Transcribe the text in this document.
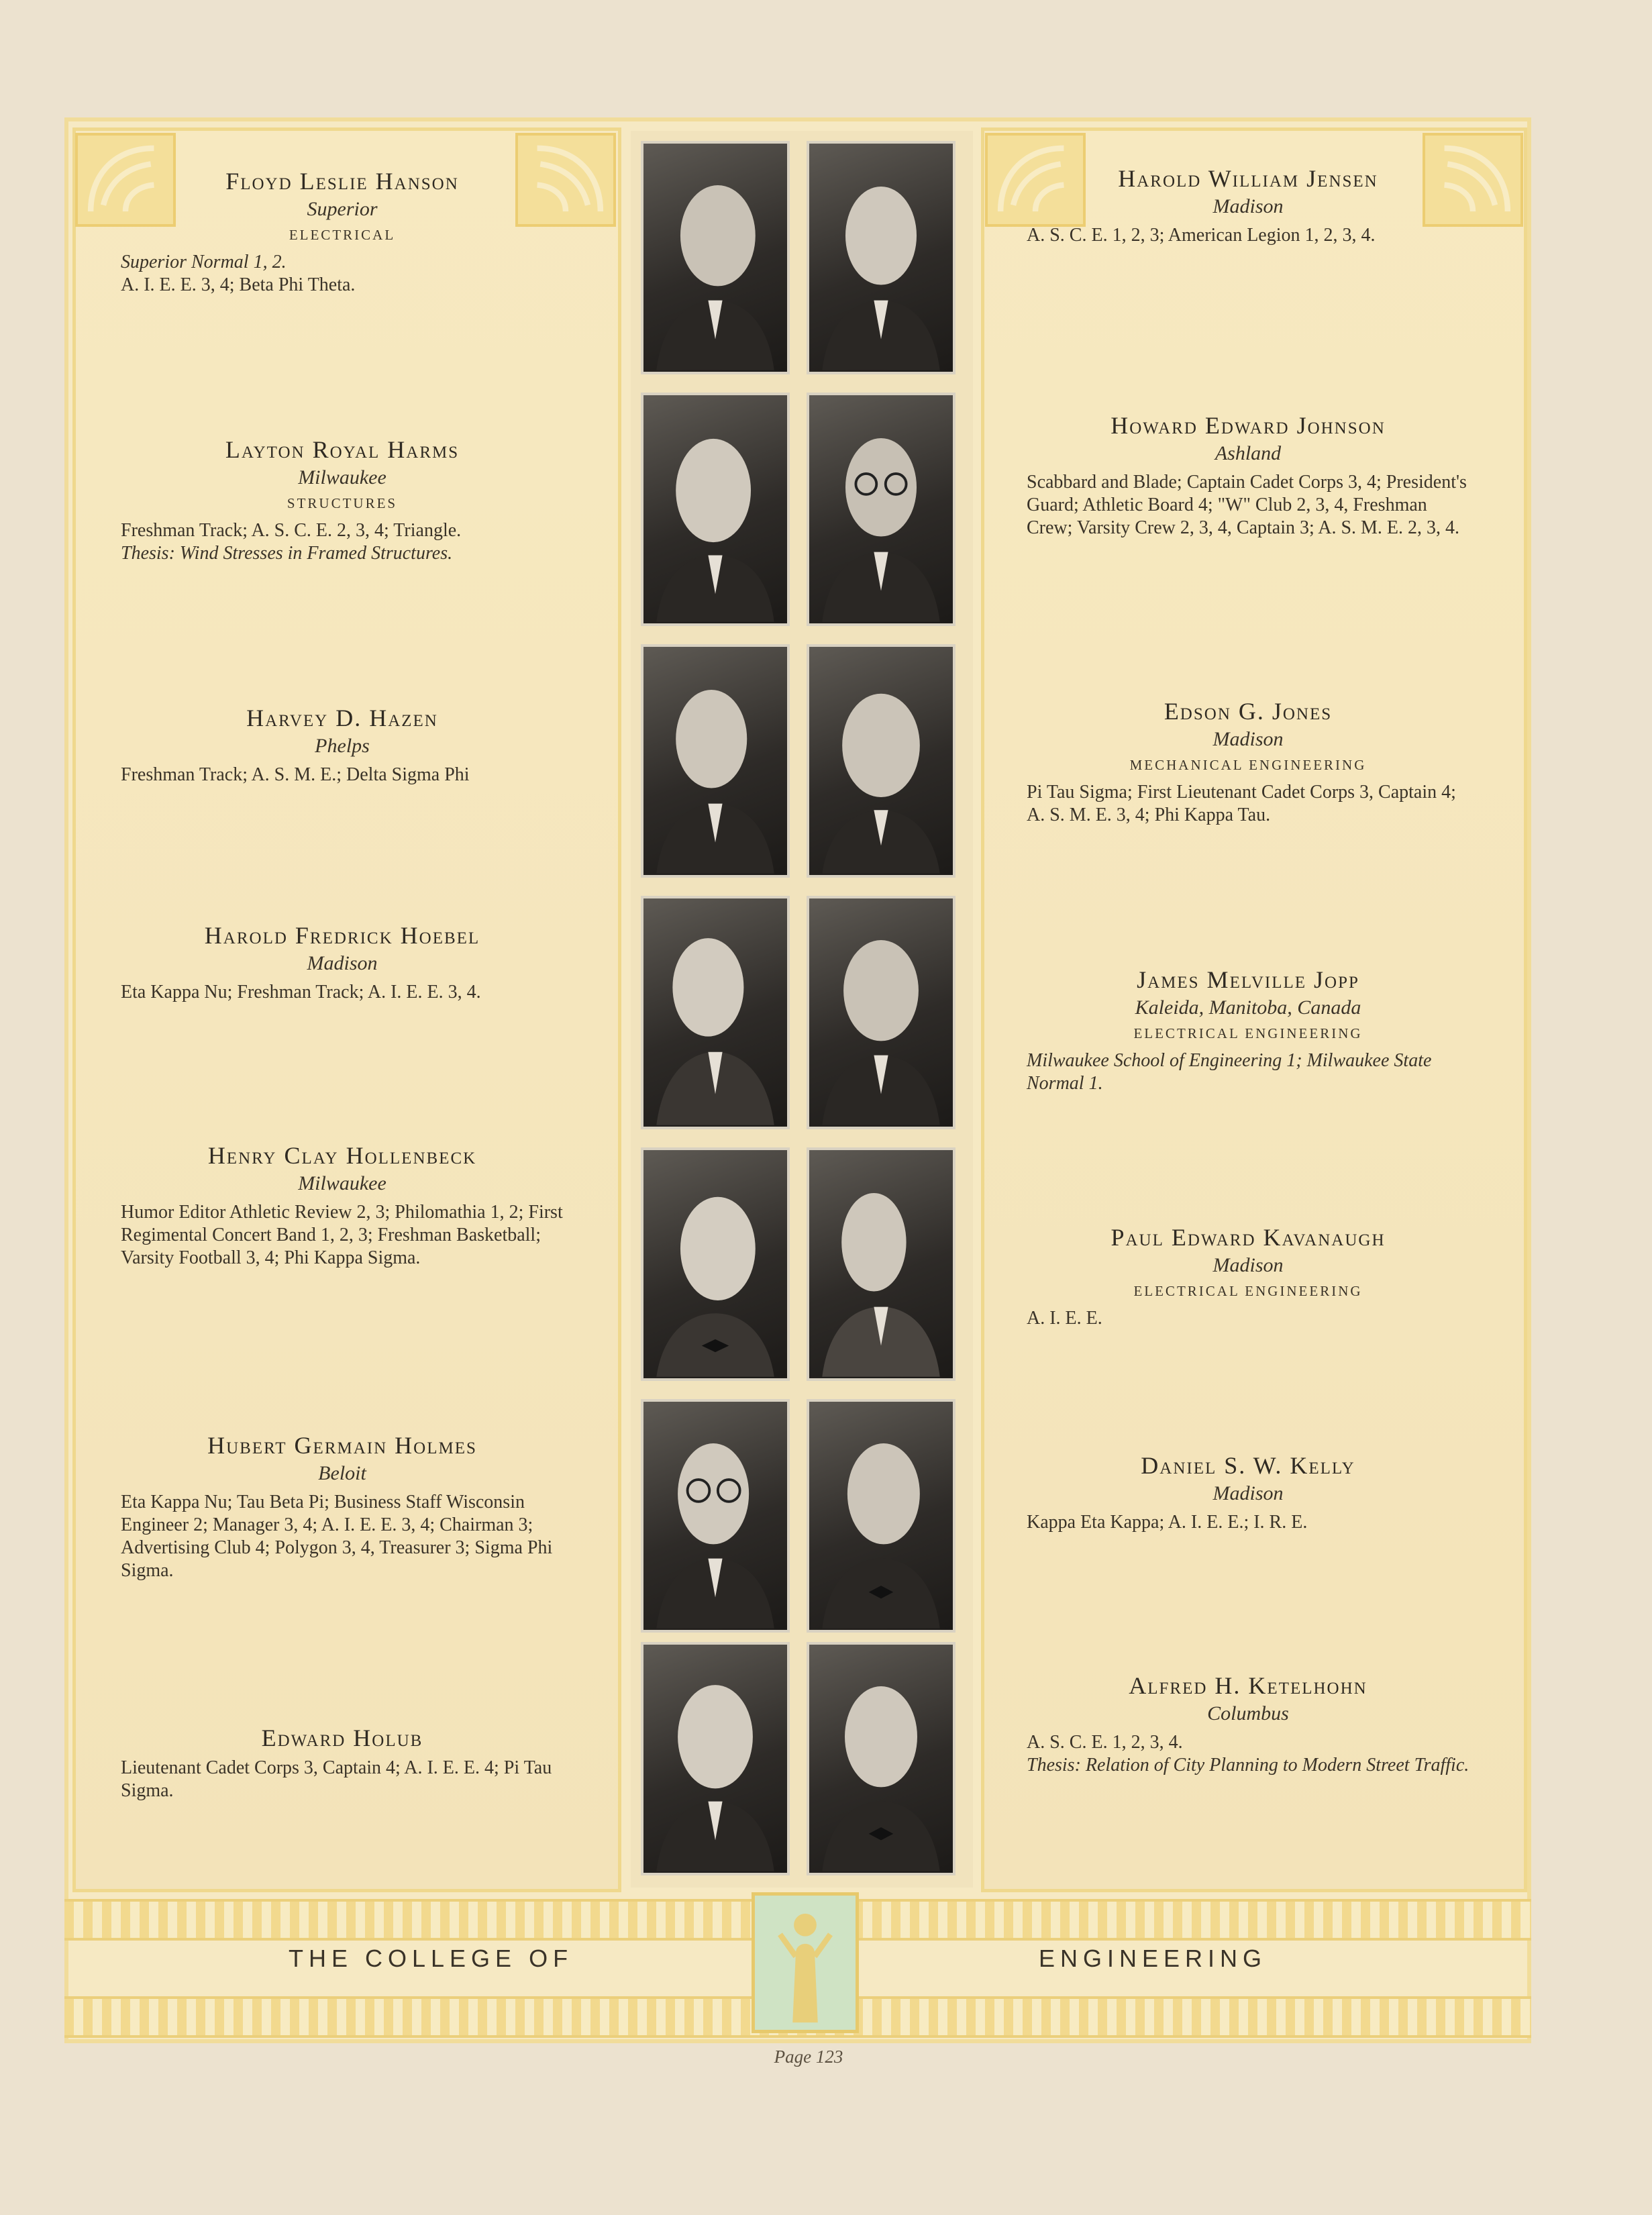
Floyd Leslie Hanson
Superior
ELECTRICAL
Superior Normal 1, 2.
A. I. E. E. 3, 4; Beta Phi Theta.
Layton Royal Harms
Milwaukee
STRUCTURES
Freshman Track; A. S. C. E. 2, 3, 4; Triangle.
Thesis: Wind Stresses in Framed Structures.
Harvey D. Hazen
Phelps
Freshman Track; A. S. M. E.; Delta Sigma Phi
Harold Fredrick Hoebel
Madison
Eta Kappa Nu; Freshman Track; A. I. E. E. 3, 4.
Henry Clay Hollenbeck
Milwaukee
Humor Editor Athletic Review 2, 3; Philomathia 1, 2; First Regimental Concert Band 1, 2, 3; Freshman Basketball; Varsity Football 3, 4; Phi Kappa Sigma.
Hubert Germain Holmes
Beloit
Eta Kappa Nu; Tau Beta Pi; Business Staff Wisconsin Engineer 2; Manager 3, 4; A. I. E. E. 3, 4; Chairman 3; Advertising Club 4; Polygon 3, 4, Treasurer 3; Sigma Phi Sigma.
Edward Holub
Lieutenant Cadet Corps 3, Captain 4; A. I. E. E. 4; Pi Tau Sigma.
Harold William Jensen
Madison
A. S. C. E. 1, 2, 3; American Legion 1, 2, 3, 4.
Howard Edward Johnson
Ashland
Scabbard and Blade; Captain Cadet Corps 3, 4; President's Guard; Athletic Board 4; "W" Club 2, 3, 4, Freshman Crew; Varsity Crew 2, 3, 4, Captain 3; A. S. M. E. 2, 3, 4.
Edson G. Jones
Madison
MECHANICAL ENGINEERING
Pi Tau Sigma; First Lieutenant Cadet Corps 3, Captain 4; A. S. M. E. 3, 4; Phi Kappa Tau.
James Melville Jopp
Kaleida, Manitoba, Canada
ELECTRICAL ENGINEERING
Milwaukee School of Engineering 1; Milwaukee State Normal 1.
Paul Edward Kavanaugh
Madison
ELECTRICAL ENGINEERING
A. I. E. E.
Daniel S. W. Kelly
Madison
Kappa Eta Kappa; A. I. E. E.; I. R. E.
Alfred H. Ketelhohn
Columbus
A. S. C. E. 1, 2, 3, 4.
Thesis: Relation of City Planning to Modern Street Traffic.
THE COLLEGE OF	ENGINEERING
Page 123
